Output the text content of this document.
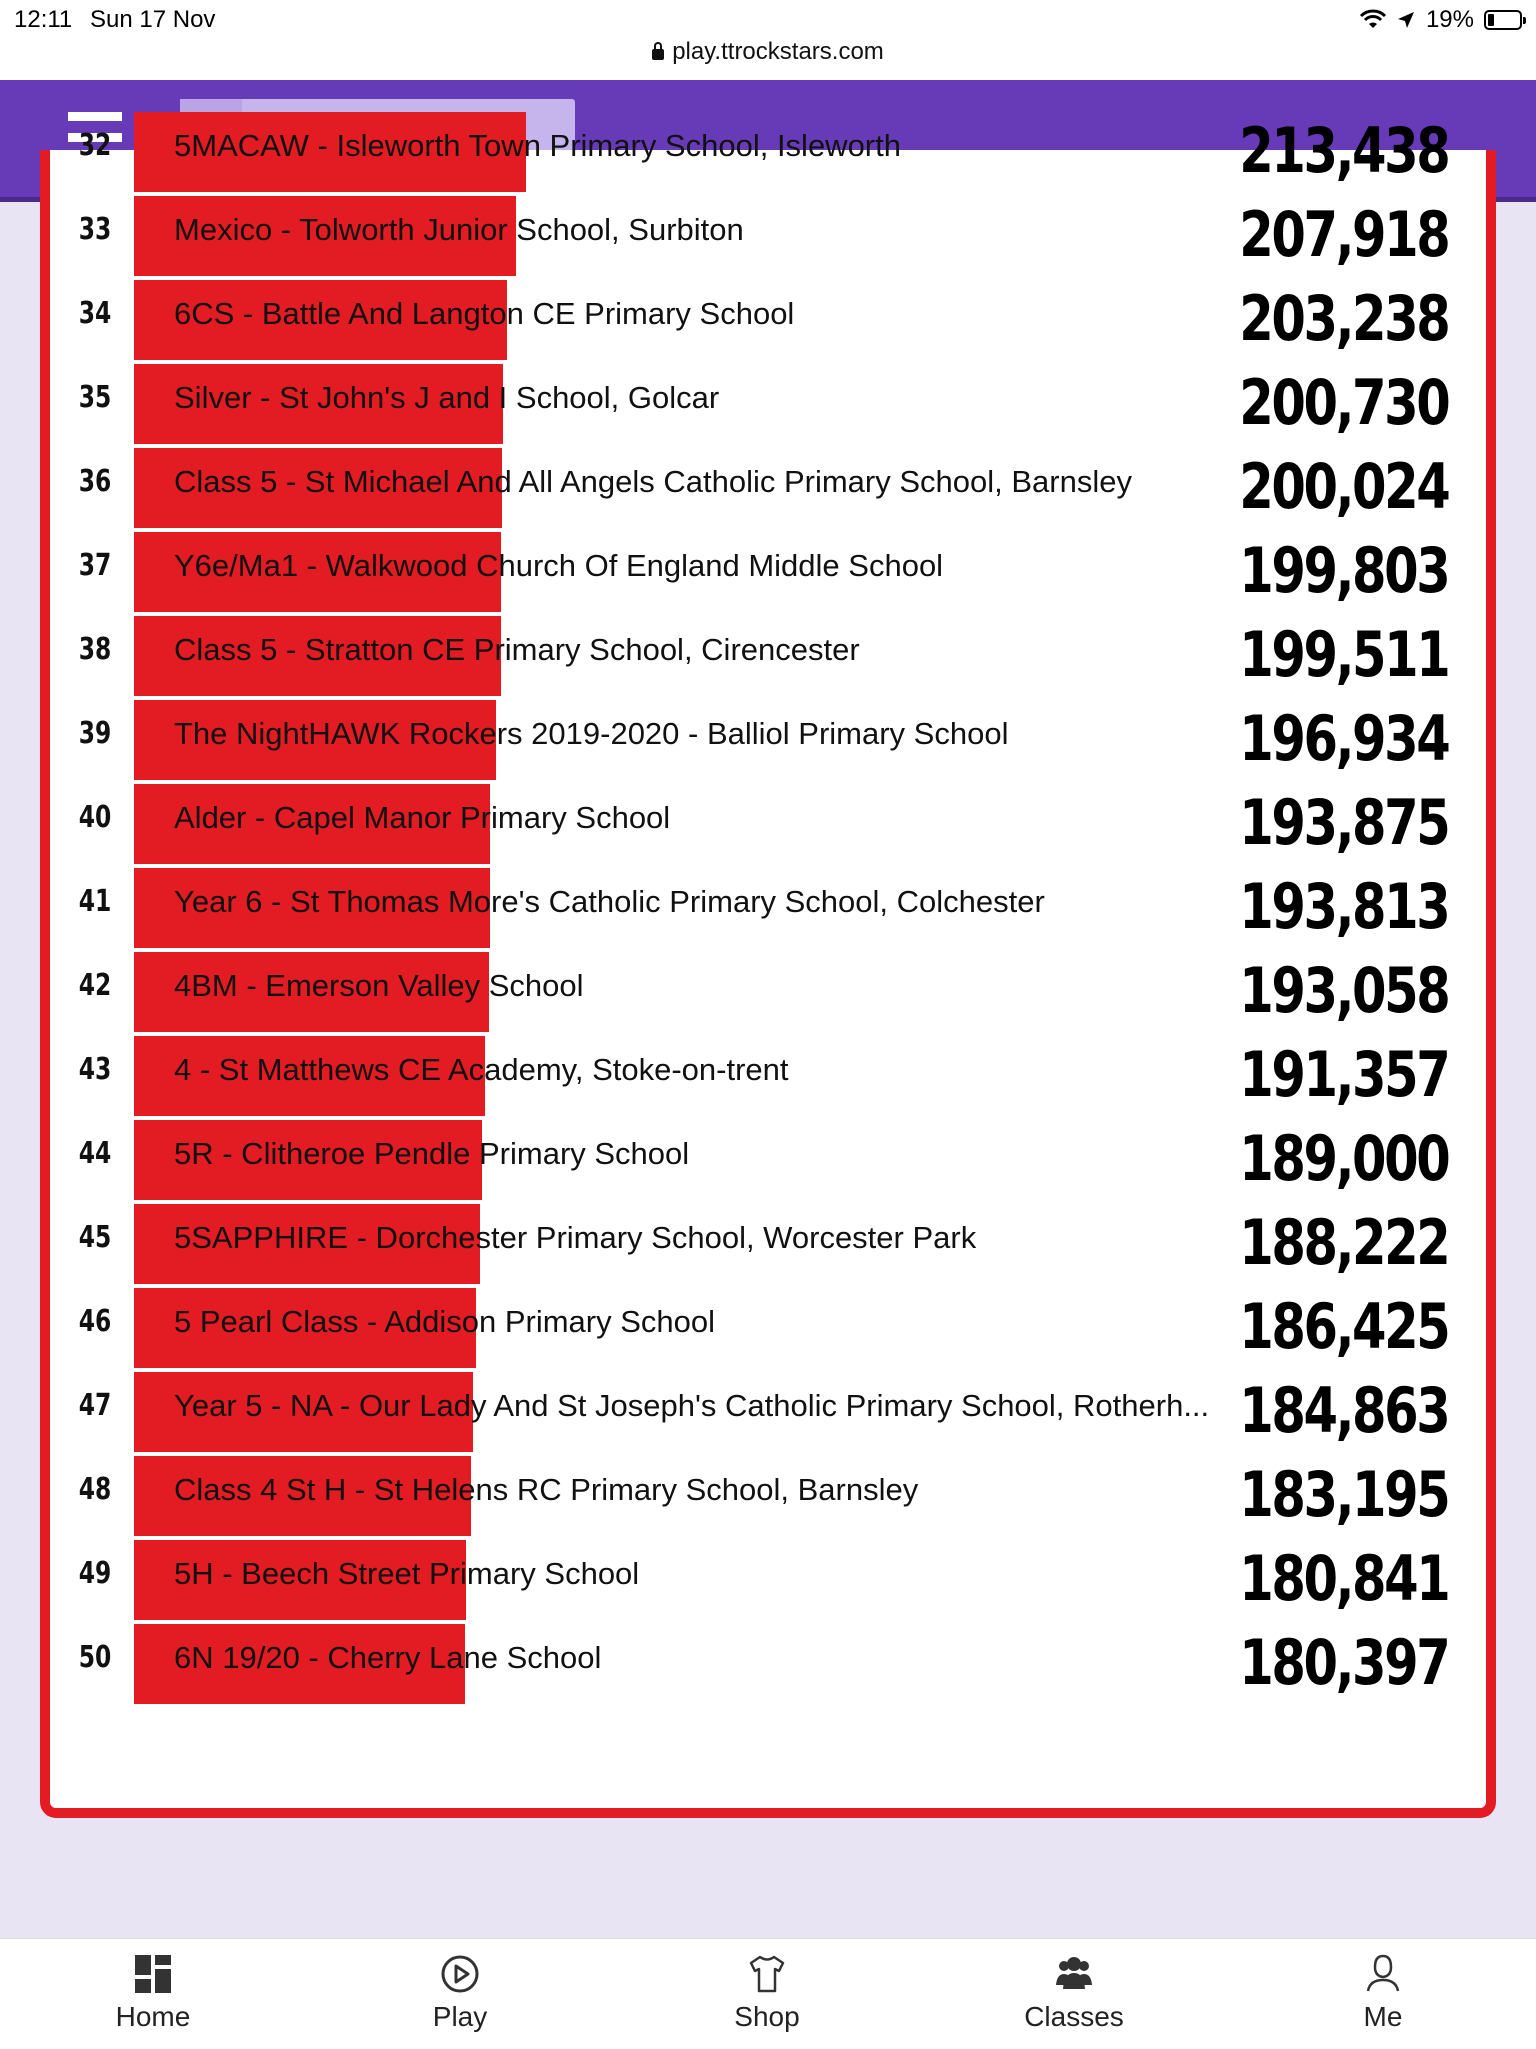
12:11 Sun 17 Nov
play.ttrockstars.com
19%
Search
32	5MACAW - Isleworth Town Primary School, Isleworth	213,438
33	Mexico - Tolworth Junior School, Surbiton	207,918
34	6CS - Battle And Langton CE Primary School	203,238
35	Silver - St John's J and I School, Golcar	200,730
36	Class 5 - St Michael And All Angels Catholic Primary School, Barnsley 200,024
37	Y6e/Ma1 - Walkwood Church Of England Middle School	199,803
38	Class 5 - Stratton CE Primary School, Cirencester	199,511
39	The NightHAWK Rockers 2019-2020 - Balliol Primary School	196,934
40	Alder - Capel Manor Primary School	193,875
41	Year 6 - St Thomas More's Catholic Primary School, Colchester	193,813
42	4BM - Emerson Valley School	193,058
43	4 - St Matthews CE Academy, Stoke-on-trent	191,357
44	5R - Clitheroe Pendle Primary School	189,000
45	5SAPPHIRE - Dorchester Primary School, Worcester Park	188,222
46	5 Pearl Class - Addison Primary School	186,425
47	Year 5 - NA - Our Lady And St Joseph's Catholic Primary School, Rotherh... 184,863
48	Class 4 St H - St Helens RC Primary School, Barnsley	183,195
49	5H - Beech Street Primary School	180,841
50	6N 19/20 - Cherry Lane School	180,397
Home	Play	Shop	Classes	Me
